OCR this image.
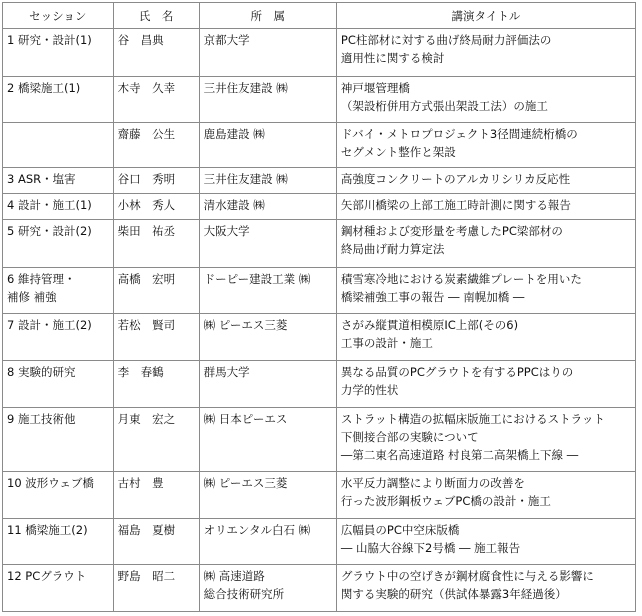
セッション	氏　名	所　属	講演タイトル

1 研究・設計(1)	谷　昌典	京都大学	PC柱部材に対する曲げ終局耐力評価法の
適用性に関する検討

2 橋梁施工(1)	木寺　久幸	三井住友建設 ㈱	神戸堰管理橋
（架設桁併用方式張出架設工法）の施工

	齋藤　公生	鹿島建設 ㈱	ドバイ・メトロプロジェクト3径間連続桁橋の
セグメント整作と架設

3 ASR・塩害	谷口　秀明	三井住友建設 ㈱	高強度コンクリートのアルカリシリカ反応性

4 設計・施工(1)	小林　秀人	清水建設 ㈱	矢部川橋梁の上部工施工時計測に関する報告

5 研究・設計(2)	柴田　祐丞	大阪大学	鋼材種および変形量を考慮したPC梁部材の
終局曲げ耐力算定法

6 維持管理・
補修 補強	高橋　宏明	ドーピー建設工業 ㈱	積雪寒冷地における炭素繊維プレートを用いた
橋梁補強工事の報告 ― 南幌加橋 ―

7 設計・施工(2)	若松　賢司	㈱ ピーエス三菱	さがみ縦貫道相模原IC上部(その6)
工事の設計・施工

8 実験的研究	李　春鶴	群馬大学	異なる品質のPCグラウトを有するPPCはりの
力学的性状

9 施工技術他	月東　宏之	㈱ 日本ピーエス	ストラット構造の拡幅床版施工におけるストラット
下側接合部の実験について
―第二東名高速道路 村良第二高架橋上下線 ―

10 波形ウェブ橋	古村　豊	㈱ ピーエス三菱	水平反力調整により断面力の改善を
行った波形鋼板ウェブPC橋の設計・施工

11 橋梁施工(2)	福島　夏樹	オリエンタル白石 ㈱	広幅員のPC中空床版橋
― 山脇大谷線下2号橋 ― 施工報告

12 PCグラウト	野島　昭二	㈱ 高速道路
総合技術研究所	グラウト中の空げきが鋼材腐食性に与える影響に
関する実験的研究（供試体暴露3年経過後）
